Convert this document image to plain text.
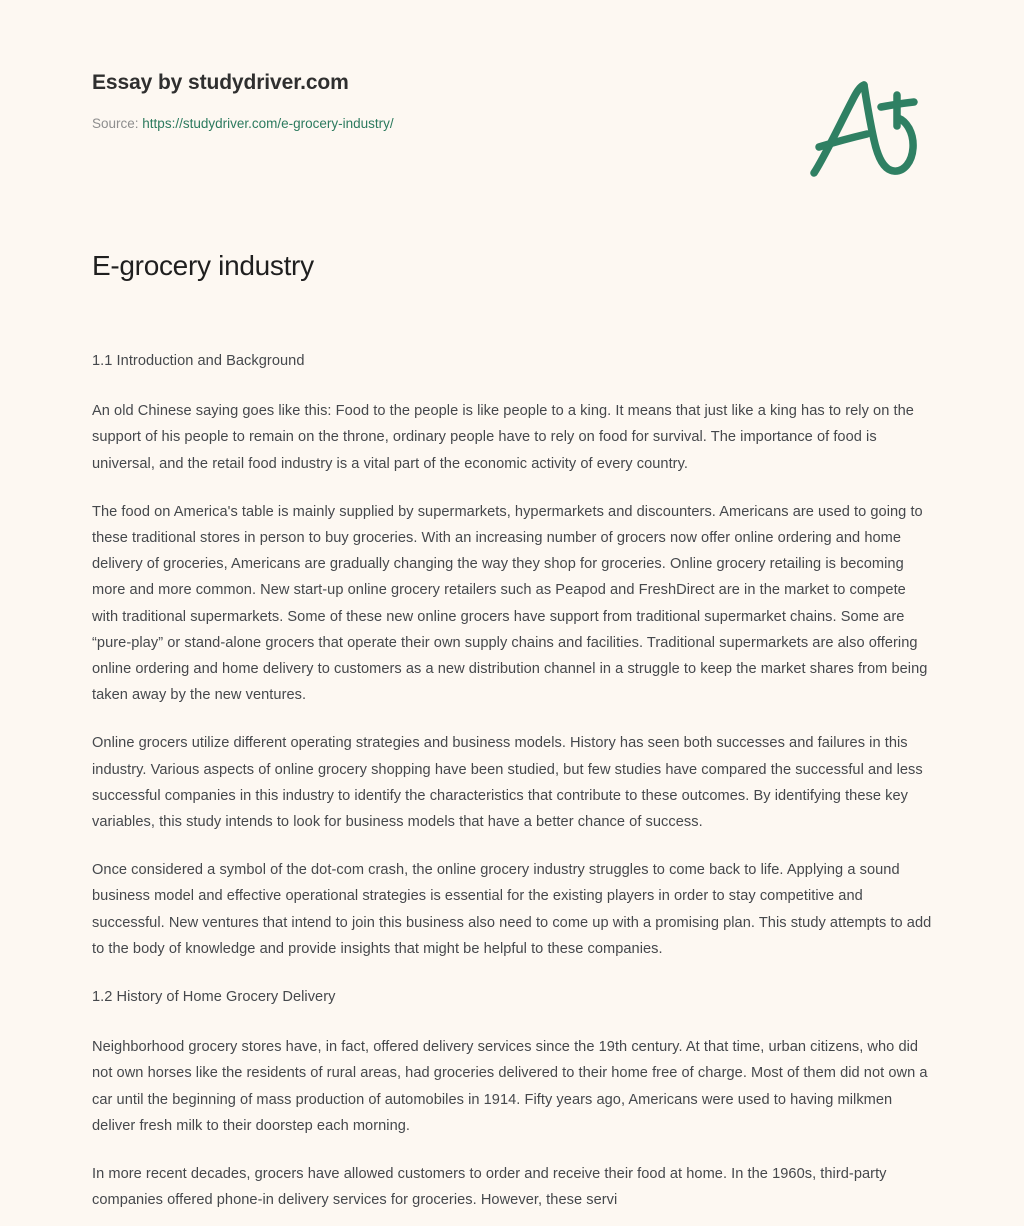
Essay by studydriver.com
Source: https://studydriver.com/e-grocery-industry/
E-grocery industry

1.1 Introduction and Background

An old Chinese saying goes like this: Food to the people is like people to a king. It means that just like a king has to rely on the support of his people to remain on the throne, ordinary people have to rely on food for survival. The importance of food is universal, and the retail food industry is a vital part of the economic activity of every country.

The food on America's table is mainly supplied by supermarkets, hypermarkets and discounters. Americans are used to going to these traditional stores in person to buy groceries. With an increasing number of grocers now offer online ordering and home delivery of groceries, Americans are gradually changing the way they shop for groceries. Online grocery retailing is becoming more and more common. New start-up online grocery retailers such as Peapod and FreshDirect are in the market to compete with traditional supermarkets. Some of these new online grocers have support from traditional supermarket chains. Some are “pure-play” or stand-alone grocers that operate their own supply chains and facilities. Traditional supermarkets are also offering online ordering and home delivery to customers as a new distribution channel in a struggle to keep the market shares from being taken away by the new ventures.

Online grocers utilize different operating strategies and business models. History has seen both successes and failures in this industry. Various aspects of online grocery shopping have been studied, but few studies have compared the successful and less successful companies in this industry to identify the characteristics that contribute to these outcomes. By identifying these key variables, this study intends to look for business models that have a better chance of success.

Once considered a symbol of the dot-com crash, the online grocery industry struggles to come back to life. Applying a sound business model and effective operational strategies is essential for the existing players in order to stay competitive and successful. New ventures that intend to join this business also need to come up with a promising plan. This study attempts to add to the body of knowledge and provide insights that might be helpful to these companies.

1.2 History of Home Grocery Delivery

Neighborhood grocery stores have, in fact, offered delivery services since the 19th century. At that time, urban citizens, who did not own horses like the residents of rural areas, had groceries delivered to their home free of charge. Most of them did not own a car until the beginning of mass production of automobiles in 1914. Fifty years ago, Americans were used to having milkmen deliver fresh milk to their doorstep each morning.

In more recent decades, grocers have allowed customers to order and receive their food at home. In the 1960s, third-party companies offered phone-in delivery services for groceries. However, these servi
